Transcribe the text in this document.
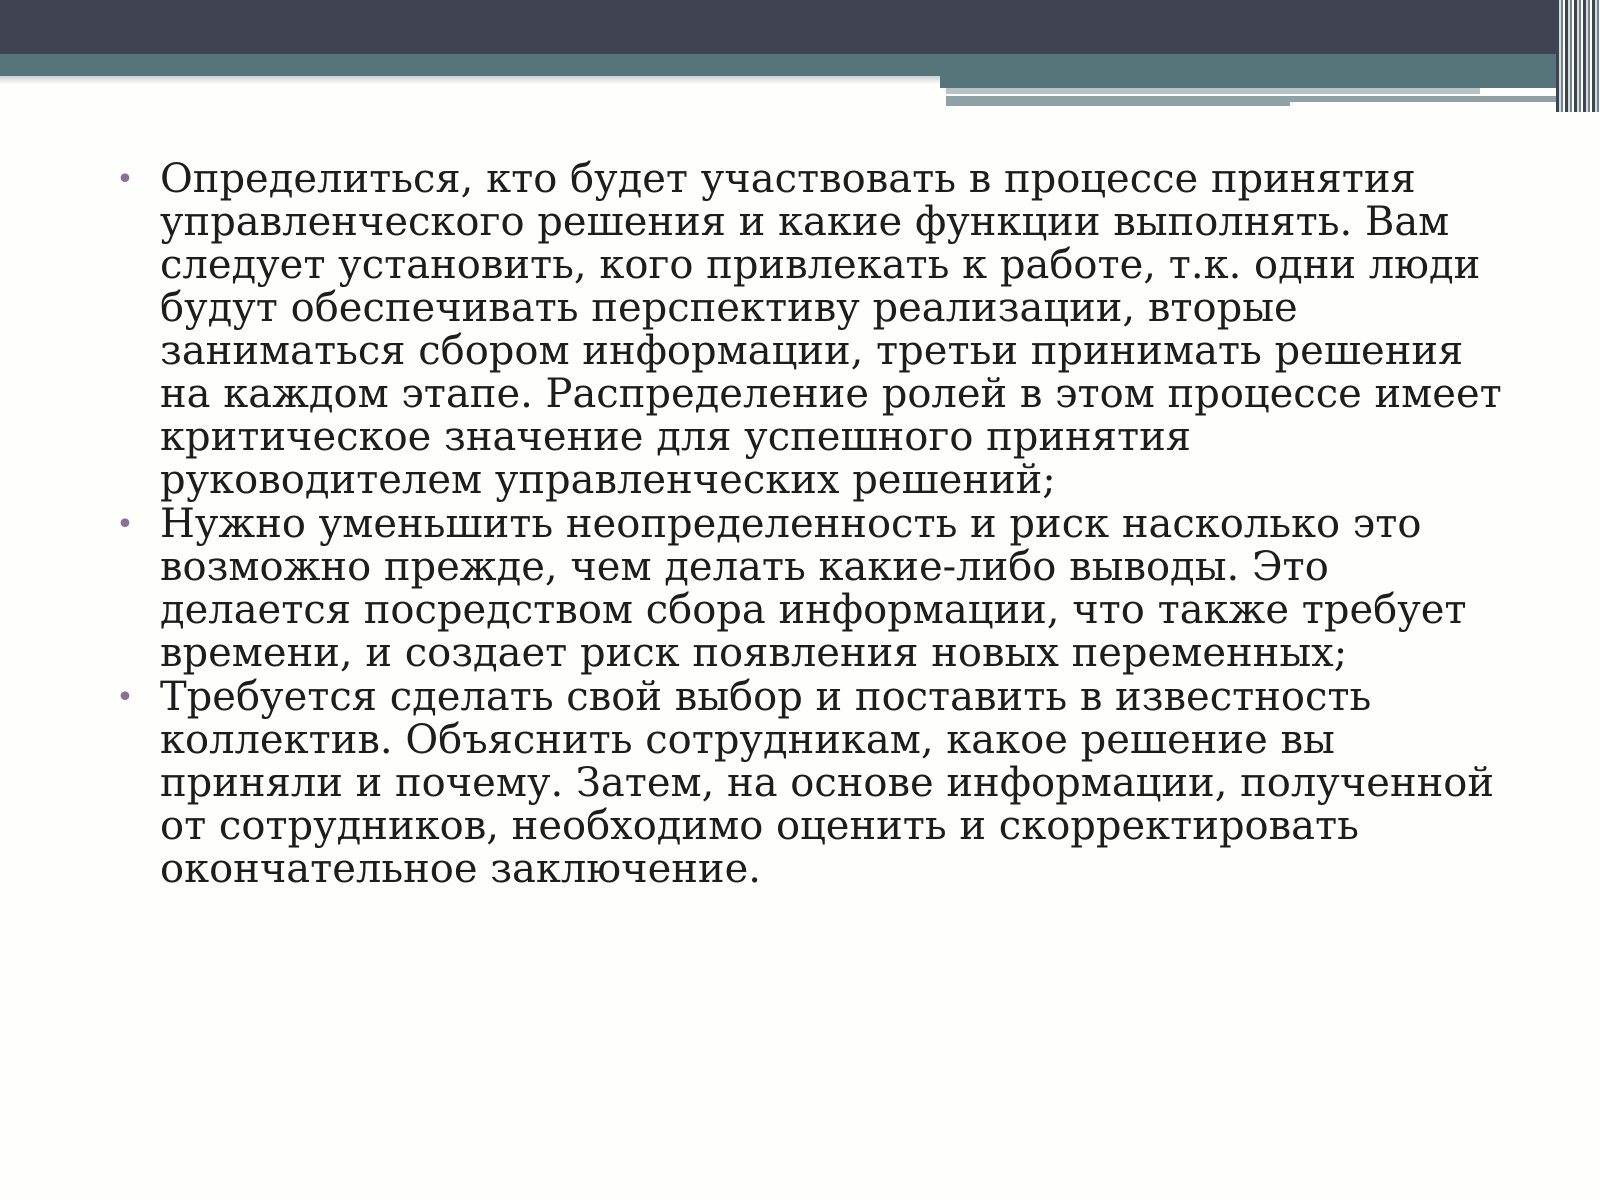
• Определиться, кто будет участвовать в процессе принятия управленческого решения и какие функции выполнять. Вам следует установить, кого привлекать к работе, т.к. одни люди будут обеспечивать перспективу реализации, вторые заниматься сбором информации, третьи принимать решения на каждом этапе. Распределение ролей в этом процессе имеет критическое значение для успешного принятия руководителем управленческих решений;
• Нужно уменьшить неопределенность и риск насколько это возможно прежде, чем делать какие-либо выводы. Это делается посредством сбора информации, что также требует времени, и создает риск появления новых переменных;
• Требуется сделать свой выбор и поставить в известность коллектив. Объяснить сотрудникам, какое решение вы приняли и почему. Затем, на основе информации, полученной от сотрудников, необходимо оценить и скорректировать окончательное заключение.
